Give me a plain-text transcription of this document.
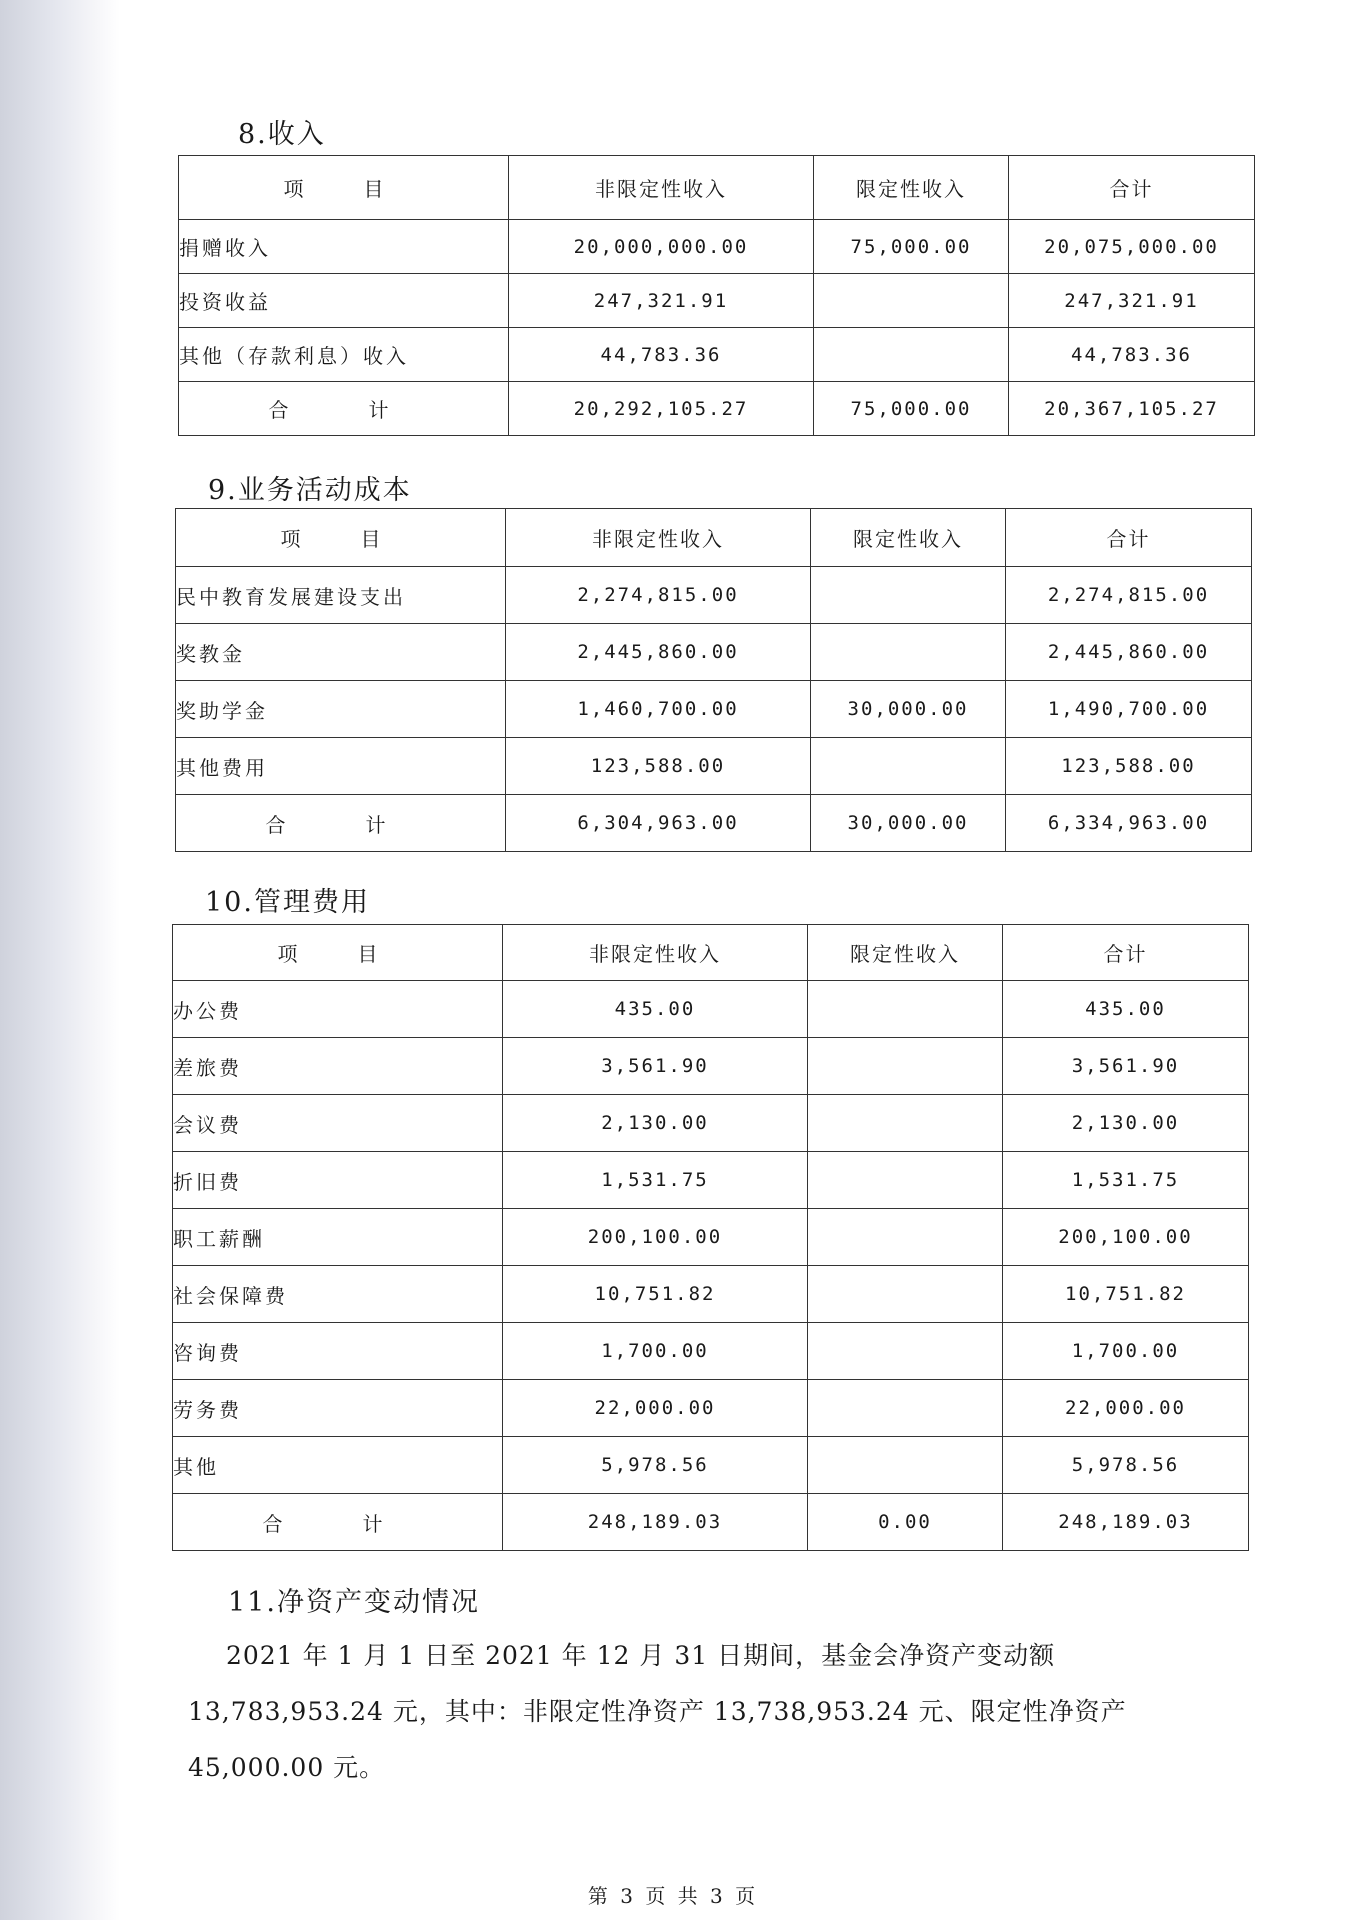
8.收入
项　目	非限定性收入	限定性收入	合计
捐赠收入	20,000,000.00	75,000.00	20,075,000.00
投资收益	247,321.91		247,321.91
其他（存款利息）收入	44,783.36		44,783.36
合　计	20,292,105.27	75,000.00	20,367,105.27
9.业务活动成本
项　目	非限定性收入	限定性收入	合计
民中教育发展建设支出	2,274,815.00		2,274,815.00
奖教金	2,445,860.00		2,445,860.00
奖助学金	1,460,700.00	30,000.00	1,490,700.00
其他费用	123,588.00		123,588.00
合　计	6,304,963.00	30,000.00	6,334,963.00
10.管理费用
项　目	非限定性收入	限定性收入	合计
办公费	435.00		435.00
差旅费	3,561.90		3,561.90
会议费	2,130.00		2,130.00
折旧费	1,531.75		1,531.75
职工薪酬	200,100.00		200,100.00
社会保障费	10,751.82		10,751.82
咨询费	1,700.00		1,700.00
劳务费	22,000.00		22,000.00
其他	5,978.56		5,978.56
合　计	248,189.03	0.00	248,189.03
11.净资产变动情况

2021 年 1 月 1 日至 2021 年 12 月 31 日期间，基金会净资产变动额 13,783,953.24 元，其中：非限定性净资产 13,738,953.24 元、限定性净资产 45,000.00 元。

第 3 页 共 3 页
